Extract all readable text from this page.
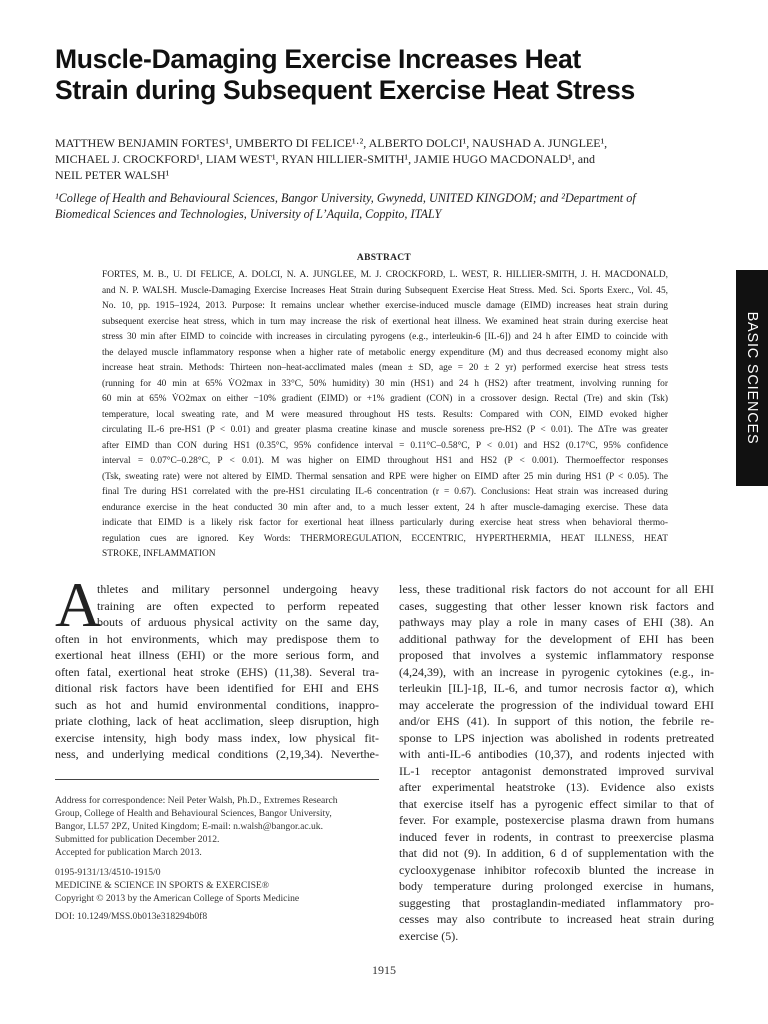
Muscle-Damaging Exercise Increases Heat
Strain during Subsequent Exercise Heat Stress
MATTHEW BENJAMIN FORTES¹, UMBERTO DI FELICE¹·², ALBERTO DOLCI¹, NAUSHAD A. JUNGLEE¹,
MICHAEL J. CROCKFORD¹, LIAM WEST¹, RYAN HILLIER-SMITH¹, JAMIE HUGO MACDONALD¹, and
NEIL PETER WALSH¹
¹College of Health and Behavioural Sciences, Bangor University, Gwynedd, UNITED KINGDOM; and ²Department of
Biomedical Sciences and Technologies, University of L’Aquila, Coppito, ITALY
ABSTRACT
FORTES, M. B., U. DI FELICE, A. DOLCI, N. A. JUNGLEE, M. J. CROCKFORD, L. WEST, R. HILLIER-SMITH, J. H. MACDONALD,
and N. P. WALSH. Muscle-Damaging Exercise Increases Heat Strain during Subsequent Exercise Heat Stress. Med. Sci. Sports Exerc., Vol. 45,
No. 10, pp. 1915–1924, 2013. Purpose: It remains unclear whether exercise-induced muscle damage (EIMD) increases heat strain during
subsequent exercise heat stress, which in turn may increase the risk of exertional heat illness. We examined heat strain during exercise heat
stress 30 min after EIMD to coincide with increases in circulating pyrogens (e.g., interleukin-6 [IL-6]) and 24 h after EIMD to coincide with
the delayed muscle inflammatory response when a higher rate of metabolic energy expenditure (M) and thus decreased economy might also
increase heat strain. Methods: Thirteen non–heat-acclimated males (mean ± SD, age = 20 ± 2 yr) performed exercise heat stress tests
(running for 40 min at 65% V̇O2max in 33°C, 50% humidity) 30 min (HS1) and 24 h (HS2) after treatment, involving running for
60 min at 65% V̇O2max on either −10% gradient (EIMD) or +1% gradient (CON) in a crossover design. Rectal (Tre) and skin (Tsk)
temperature, local sweating rate, and M were measured throughout HS tests. Results: Compared with CON, EIMD evoked higher
circulating IL-6 pre-HS1 (P < 0.01) and greater plasma creatine kinase and muscle soreness pre-HS2 (P < 0.01). The ΔTre was greater
after EIMD than CON during HS1 (0.35°C, 95% confidence interval = 0.11°C–0.58°C, P < 0.01) and HS2 (0.17°C, 95% confidence
interval = 0.07°C–0.28°C, P < 0.01). M was higher on EIMD throughout HS1 and HS2 (P < 0.001). Thermoeffector responses
(Tsk, sweating rate) were not altered by EIMD. Thermal sensation and RPE were higher on EIMD after 25 min during HS1 (P < 0.05). The
final Tre during HS1 correlated with the pre-HS1 circulating IL-6 concentration (r = 0.67). Conclusions: Heat strain was increased during
endurance exercise in the heat conducted 30 min after and, to a much lesser extent, 24 h after muscle-damaging exercise. These data
indicate that EIMD is a likely risk factor for exertional heat illness particularly during exercise heat stress when behavioral thermo-
regulation cues are ignored. Key Words: THERMOREGULATION, ECCENTRIC, HYPERTHERMIA, HEAT ILLNESS, HEAT
STROKE, INFLAMMATION
BASIC SCIENCES
A
thletes and military personnel undergoing heavy
training are often expected to perform repeated
bouts of arduous physical activity on the same day,
often in hot environments, which may predispose them to
exertional heat illness (EHI) or the more serious form, and
often fatal, exertional heat stroke (EHS) (11,38). Several tra-
ditional risk factors have been identified for EHI and EHS
such as hot and humid environmental conditions, inappro-
priate clothing, lack of heat acclimation, sleep disruption, high
exercise intensity, high body mass index, low physical fit-
ness, and underlying medical conditions (2,19,34). Neverthe-
less, these traditional risk factors do not account for all EHI
cases, suggesting that other lesser known risk factors and
pathways may play a role in many cases of EHI (38). An
additional pathway for the development of EHI has been
proposed that involves a systemic inflammatory response
(4,24,39), with an increase in pyrogenic cytokines (e.g., in-
terleukin [IL]-1β, IL-6, and tumor necrosis factor α), which
may accelerate the progression of the individual toward EHI
and/or EHS (41). In support of this notion, the febrile re-
sponse to LPS injection was abolished in rodents pretreated
with anti-IL-6 antibodies (10,37), and rodents injected with
IL-1 receptor antagonist demonstrated improved survival
after experimental heatstroke (13). Evidence also exists
that exercise itself has a pyrogenic effect similar to that of
fever. For example, postexercise plasma drawn from humans
induced fever in rodents, in contrast to preexercise plasma
that did not (9). In addition, 6 d of supplementation with the
cyclooxygenase inhibitor rofecoxib blunted the increase in
body temperature during prolonged exercise in humans,
suggesting that prostaglandin-mediated inflammatory pro-
cesses may also contribute to increased heat strain during
exercise (5).
Address for correspondence: Neil Peter Walsh, Ph.D., Extremes Research
Group, College of Health and Behavioural Sciences, Bangor University,
Bangor, LL57 2PZ, United Kingdom; E-mail: n.walsh@bangor.ac.uk.
Submitted for publication December 2012.
Accepted for publication March 2013.
0195-9131/13/4510-1915/0
MEDICINE & SCIENCE IN SPORTS & EXERCISE®
Copyright © 2013 by the American College of Sports Medicine
DOI: 10.1249/MSS.0b013e318294b0f8
1915
